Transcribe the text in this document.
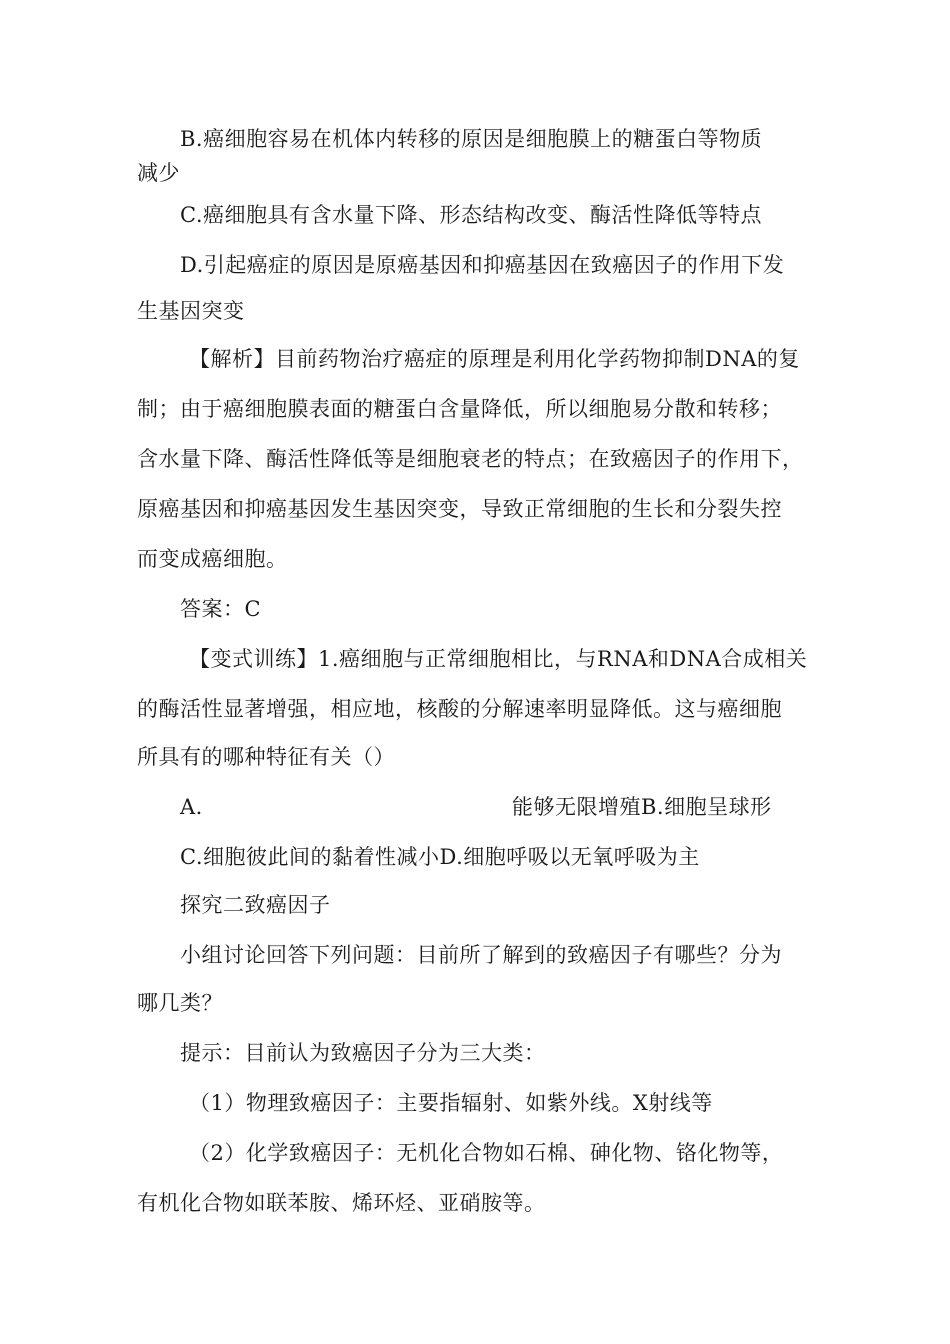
B.癌细胞容易在机体内转移的原因是细胞膜上的糖蛋白等物质
减少
C.癌细胞具有含水量下降、形态结构改变、酶活性降低等特点
D.引起癌症的原因是原癌基因和抑癌基因在致癌因子的作用下发
生基因突变
【解析】目前药物治疗癌症的原理是利用化学药物抑制DNA的复
制；由于癌细胞膜表面的糖蛋白含量降低，所以细胞易分散和转移；
含水量下降、酶活性降低等是细胞衰老的特点；在致癌因子的作用下，
原癌基因和抑癌基因发生基因突变，导致正常细胞的生长和分裂失控
而变成癌细胞。
答案：C
【变式训练】1.癌细胞与正常细胞相比，与RNA和DNA合成相关
的酶活性显著增强，相应地，核酸的分解速率明显降低。这与癌细胞
所具有的哪种特征有关（）
A.	能够无限增殖B.细胞呈球形
C.细胞彼此间的黏着性减小D.细胞呼吸以无氧呼吸为主
探究二致癌因子
小组讨论回答下列问题：目前所了解到的致癌因子有哪些？分为
哪几类？
提示：目前认为致癌因子分为三大类：
（1）物理致癌因子：主要指辐射、如紫外线。X射线等
（2）化学致癌因子：无机化合物如石棉、砷化物、铬化物等，
有机化合物如联苯胺、烯环烃、亚硝胺等。
